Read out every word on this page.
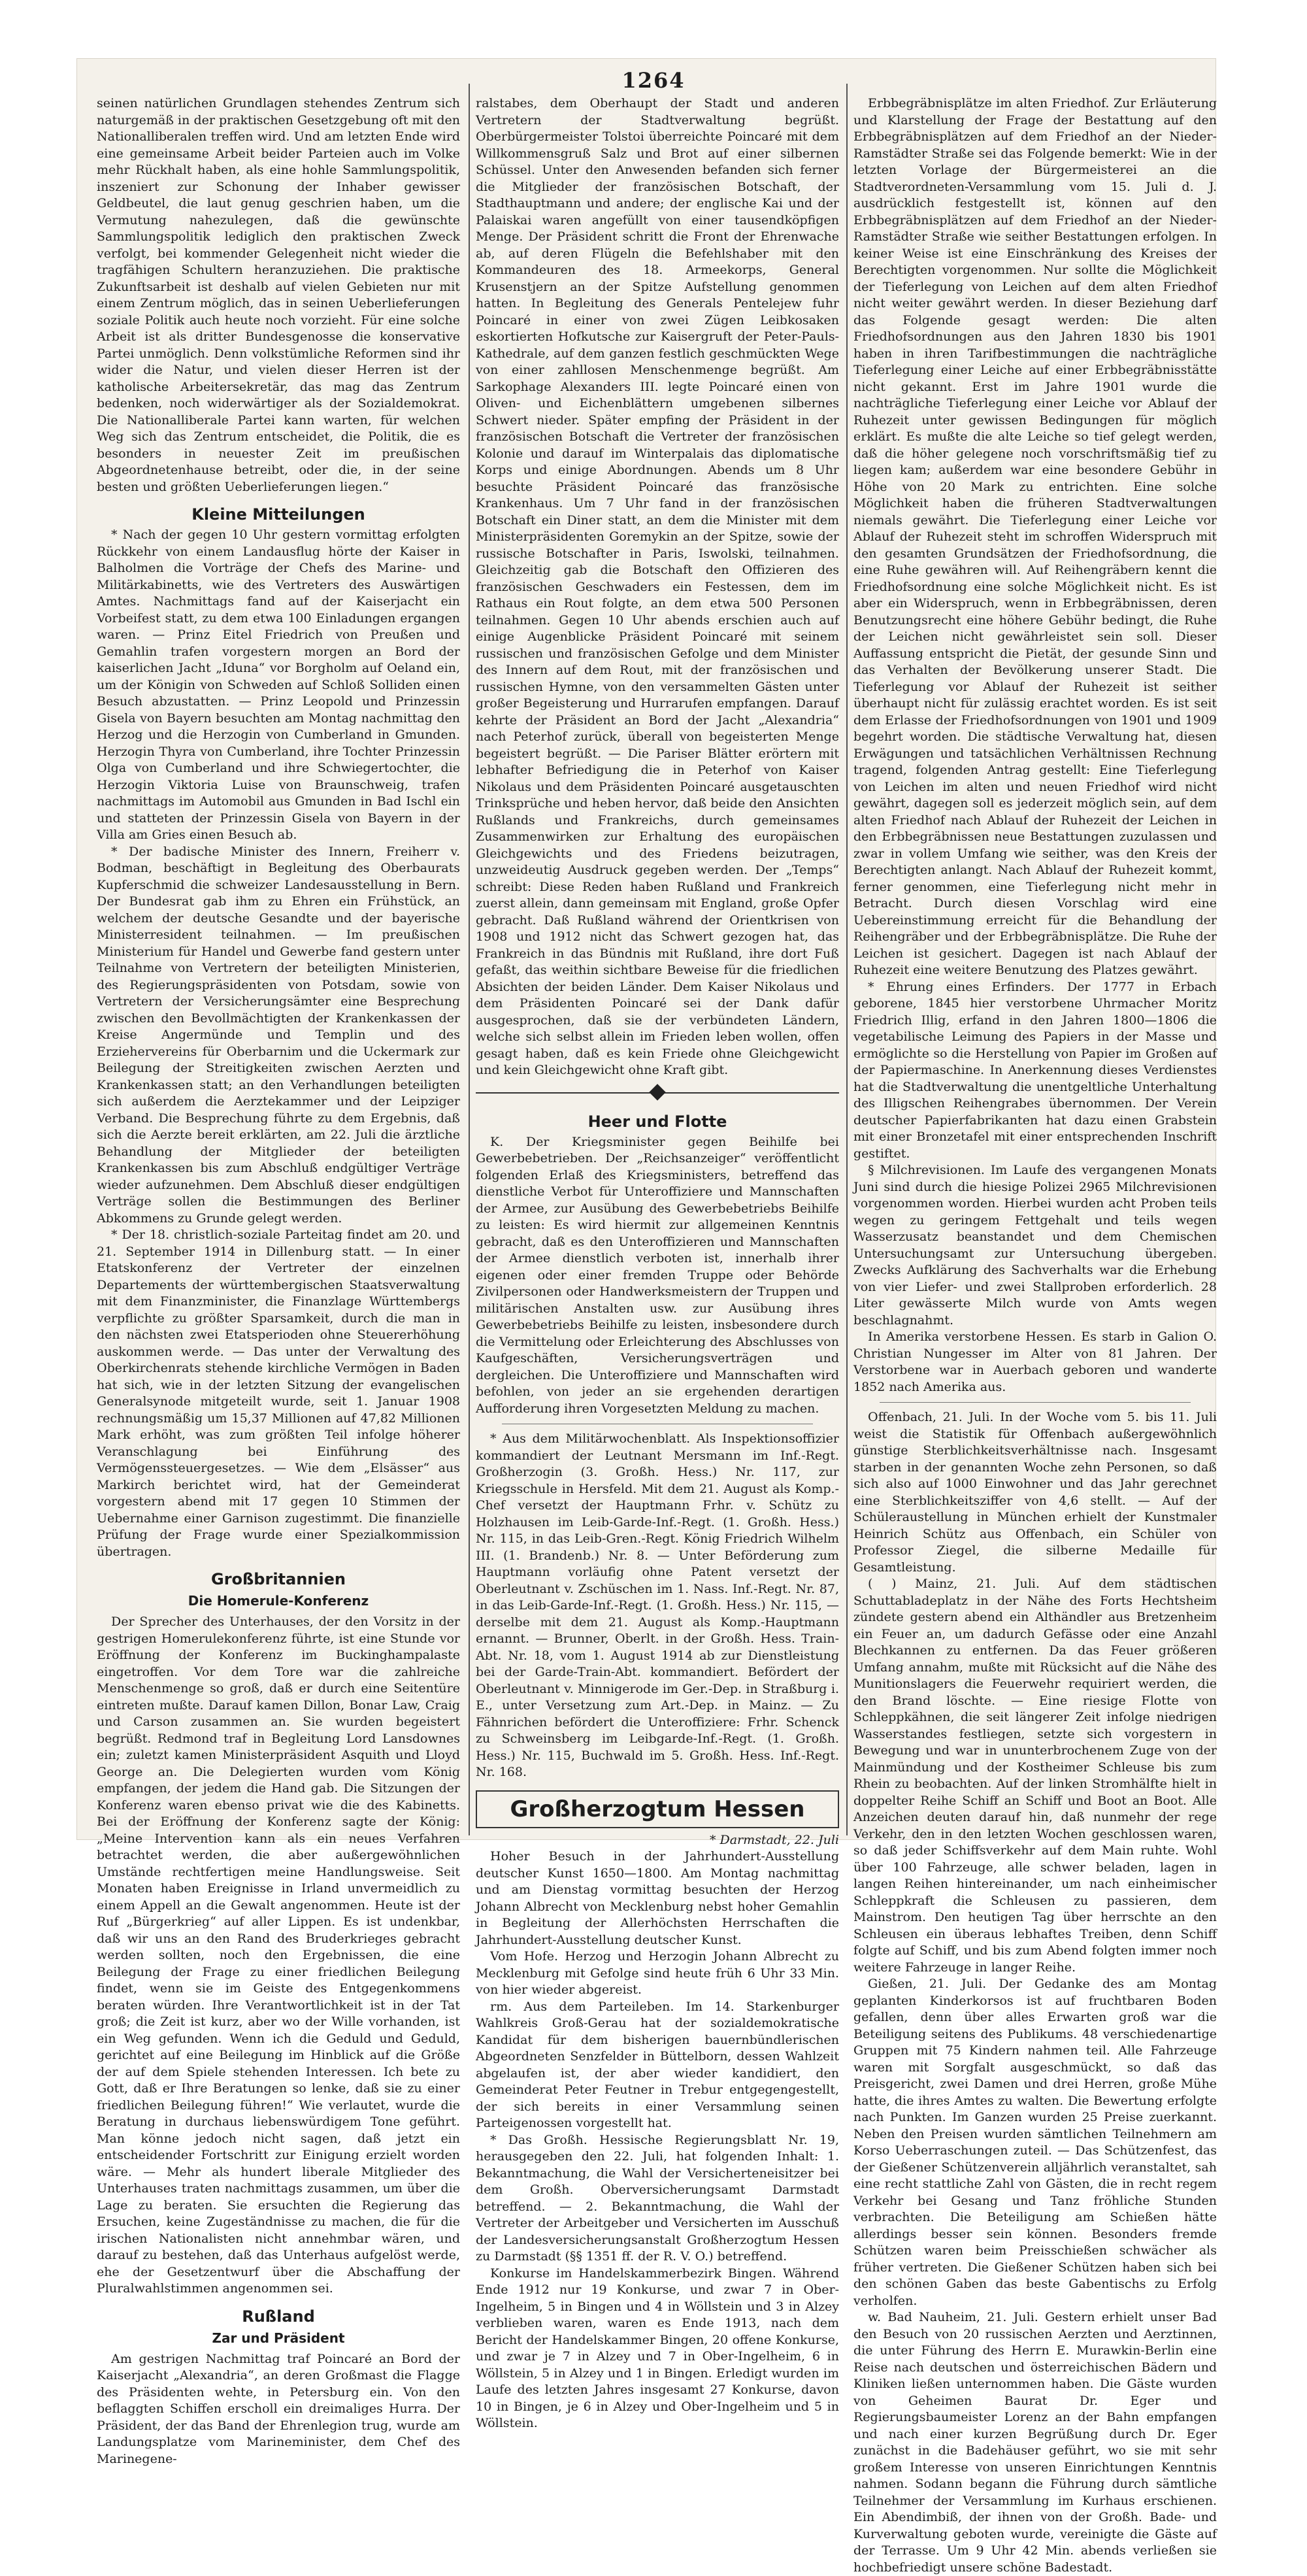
1264

seinen natürlichen Grundlagen stehendes Zentrum sich naturgemäß in der praktischen Gesetzgebung oft mit den Nationalliberalen treffen wird. Und am letzten Ende wird eine gemeinsame Arbeit beider Parteien auch im Volke mehr Rückhalt haben, als eine hohle Sammlungspolitik, inszeniert zur Schonung der Inhaber gewisser Geldbeutel, die laut genug geschrien haben, um die Vermutung nahezulegen, daß die gewünschte Sammlungspolitik lediglich den praktischen Zweck verfolgt, bei kommender Gelegenheit nicht wieder die tragfähigen Schultern heranzuziehen. Die praktische Zukunftsarbeit ist deshalb auf vielen Gebieten nur mit einem Zentrum möglich, das in seinen Ueberlieferungen soziale Politik auch heute noch vorzieht. Für eine solche Arbeit ist als dritter Bundesgenosse die konservative Partei unmöglich. Denn volkstümliche Reformen sind ihr wider die Natur, und vielen dieser Herren ist der katholische Arbeitersekretär, das mag das Zentrum bedenken, noch widerwärtiger als der Sozialdemokrat. Die Nationalliberale Partei kann warten, für welchen Weg sich das Zentrum entscheidet, die Politik, die es besonders in neuester Zeit im preußischen Abgeordnetenhause betreibt, oder die, in der seine besten und größten Ueberlieferungen liegen.“

Kleine Mitteilungen

* Nach der gegen 10 Uhr gestern vormittag erfolgten Rückkehr von einem Landausflug hörte der Kaiser in Balholmen die Vorträge der Chefs des Marine- und Militärkabinetts, wie des Vertreters des Auswärtigen Amtes. Nachmittags fand auf der Kaiserjacht ein Vorbeifest statt, zu dem etwa 100 Einladungen ergangen waren. — Prinz Eitel Friedrich von Preußen und Gemahlin trafen vorgestern morgen an Bord der kaiserlichen Jacht „Iduna“ vor Borgholm auf Oeland ein, um der Königin von Schweden auf Schloß Solliden einen Besuch abzustatten. — Prinz Leopold und Prinzessin Gisela von Bayern besuchten am Montag nachmittag den Herzog und die Herzogin von Cumberland in Gmunden. Herzogin Thyra von Cumberland, ihre Tochter Prinzessin Olga von Cumberland und ihre Schwiegertochter, die Herzogin Viktoria Luise von Braunschweig, trafen nachmittags im Automobil aus Gmunden in Bad Ischl ein und statteten der Prinzessin Gisela von Bayern in der Villa am Gries einen Besuch ab.

* Der badische Minister des Innern, Freiherr v. Bodman, beschäftigt in Begleitung des Oberbaurats Kupferschmid die schweizer Landesausstellung in Bern. Der Bundesrat gab ihm zu Ehren ein Frühstück, an welchem der deutsche Gesandte und der bayerische Ministerresident teilnahmen. — Im preußischen Ministerium für Handel und Gewerbe fand gestern unter Teilnahme von Vertretern der beteiligten Ministerien, des Regierungspräsidenten von Potsdam, sowie von Vertretern der Versicherungsämter eine Besprechung zwischen den Bevollmächtigten der Krankenkassen der Kreise Angermünde und Templin und des Erziehervereins für Oberbarnim und die Uckermark zur Beilegung der Streitigkeiten zwischen Aerzten und Krankenkassen statt; an den Verhandlungen beteiligten sich außerdem die Aerztekammer und der Leipziger Verband. Die Besprechung führte zu dem Ergebnis, daß sich die Aerzte bereit erklärten, am 22. Juli die ärztliche Behandlung der Mitglieder der beteiligten Krankenkassen bis zum Abschluß endgültiger Verträge wieder aufzunehmen. Dem Abschluß dieser endgültigen Verträge sollen die Bestimmungen des Berliner Abkommens zu Grunde gelegt werden.

* Der 18. christlich-soziale Parteitag findet am 20. und 21. September 1914 in Dillenburg statt. — In einer Etatskonferenz der Vertreter der einzelnen Departements der württembergischen Staatsverwaltung mit dem Finanzminister, die Finanzlage Württembergs verpflichte zu größter Sparsamkeit, durch die man in den nächsten zwei Etatsperioden ohne Steuererhöhung auskommen werde. — Das unter der Verwaltung des Oberkirchenrats stehende kirchliche Vermögen in Baden hat sich, wie in der letzten Sitzung der evangelischen Generalsynode mitgeteilt wurde, seit 1. Januar 1908 rechnungsmäßig um 15,37 Millionen auf 47,82 Millionen Mark erhöht, was zum größten Teil infolge höherer Veranschlagung bei Einführung des Vermögenssteuergesetzes. — Wie dem „Elsässer“ aus Markirch berichtet wird, hat der Gemeinderat vorgestern abend mit 17 gegen 10 Stimmen der Uebernahme einer Garnison zugestimmt. Die finanzielle Prüfung der Frage wurde einer Spezialkommission übertragen.

Großbritannien
Die Homerule-Konferenz

Der Sprecher des Unterhauses, der den Vorsitz in der gestrigen Homerulekonferenz führte, ist eine Stunde vor Eröffnung der Konferenz im Buckinghampalaste eingetroffen. Vor dem Tore war die zahlreiche Menschenmenge so groß, daß er durch eine Seitentüre eintreten mußte. Darauf kamen Dillon, Bonar Law, Craig und Carson zusammen an. Sie wurden begeistert begrüßt. Redmond traf in Begleitung Lord Lansdownes ein; zuletzt kamen Ministerpräsident Asquith und Lloyd George an. Die Delegierten wurden vom König empfangen, der jedem die Hand gab. Die Sitzungen der Konferenz waren ebenso privat wie die des Kabinetts. Bei der Eröffnung der Konferenz sagte der König: „Meine Intervention kann als ein neues Verfahren betrachtet werden, die aber außergewöhnlichen Umstände rechtfertigen meine Handlungsweise. Seit Monaten haben Ereignisse in Irland unvermeidlich zu einem Appell an die Gewalt angenommen. Heute ist der Ruf „Bürgerkrieg“ auf aller Lippen. Es ist undenkbar, daß wir uns an den Rand des Bruderkrieges gebracht werden sollten, noch den Ergebnissen, die eine Beilegung der Frage zu einer friedlichen Beilegung findet, wenn sie im Geiste des Entgegenkommens beraten würden. Ihre Verantwortlichkeit ist in der Tat groß; die Zeit ist kurz, aber wo der Wille vorhanden, ist ein Weg gefunden. Wenn ich die Geduld und Geduld, gerichtet auf eine Beilegung im Hinblick auf die Größe der auf dem Spiele stehenden Interessen. Ich bete zu Gott, daß er Ihre Beratungen so lenke, daß sie zu einer friedlichen Beilegung führen!“ Wie verlautet, wurde die Beratung in durchaus liebenswürdigem Tone geführt. Man könne jedoch nicht sagen, daß jetzt ein entscheidender Fortschritt zur Einigung erzielt worden wäre. — Mehr als hundert liberale Mitglieder des Unterhauses traten nachmittags zusammen, um über die Lage zu beraten. Sie ersuchten die Regierung das Ersuchen, keine Zugeständnisse zu machen, die für die irischen Nationalisten nicht annehmbar wären, und darauf zu bestehen, daß das Unterhaus aufgelöst werde, ehe der Gesetzentwurf über die Abschaffung der Pluralwahlstimmen angenommen sei.

Rußland
Zar und Präsident

Am gestrigen Nachmittag traf Poincaré an Bord der Kaiserjacht „Alexandria“, an deren Großmast die Flagge des Präsidenten wehte, in Petersburg ein. Von den beflaggten Schiffen erscholl ein dreimaliges Hurra. Der Präsident, der das Band der Ehrenlegion trug, wurde am Landungsplatze vom Marineminister, dem Chef des Marinegene-

ralstabes, dem Oberhaupt der Stadt und anderen Vertretern der Stadtverwaltung begrüßt. Oberbürgermeister Tolstoi überreichte Poincaré mit dem Willkommensgruß Salz und Brot auf einer silbernen Schüssel. Unter den Anwesenden befanden sich ferner die Mitglieder der französischen Botschaft, der Stadthauptmann und andere; der englische Kai und der Palaiskai waren angefüllt von einer tausendköpfigen Menge. Der Präsident schritt die Front der Ehrenwache ab, auf deren Flügeln die Befehlshaber mit den Kommandeuren des 18. Armeekorps, General Krusenstjern an der Spitze Aufstellung genommen hatten. In Begleitung des Generals Pentelejew fuhr Poincaré in einer von zwei Zügen Leibkosaken eskortierten Hofkutsche zur Kaisergruft der Peter-Pauls-Kathedrale, auf dem ganzen festlich geschmückten Wege von einer zahllosen Menschenmenge begrüßt. Am Sarkophage Alexanders III. legte Poincaré einen von Oliven- und Eichenblättern umgebenen silbernes Schwert nieder. Später empfing der Präsident in der französischen Botschaft die Vertreter der französischen Kolonie und darauf im Winterpalais das diplomatische Korps und einige Abordnungen. Abends um 8 Uhr besuchte Präsident Poincaré das französische Krankenhaus. Um 7 Uhr fand in der französischen Botschaft ein Diner statt, an dem die Minister mit dem Ministerpräsidenten Goremykin an der Spitze, sowie der russische Botschafter in Paris, Iswolski, teilnahmen. Gleichzeitig gab die Botschaft den Offizieren des französischen Geschwaders ein Festessen, dem im Rathaus ein Rout folgte, an dem etwa 500 Personen teilnahmen. Gegen 10 Uhr abends erschien auch auf einige Augenblicke Präsident Poincaré mit seinem russischen und französischen Gefolge und dem Minister des Innern auf dem Rout, mit der französischen und russischen Hymne, von den versammelten Gästen unter großer Begeisterung und Hurrarufen empfangen. Darauf kehrte der Präsident an Bord der Jacht „Alexandria“ nach Peterhof zurück, überall von begeisterten Menge begeistert begrüßt. — Die Pariser Blätter erörtern mit lebhafter Befriedigung die in Peterhof von Kaiser Nikolaus und dem Präsidenten Poincaré ausgetauschten Trinksprüche und heben hervor, daß beide den Ansichten Rußlands und Frankreichs, durch gemeinsames Zusammenwirken zur Erhaltung des europäischen Gleichgewichts und des Friedens beizutragen, unzweideutig Ausdruck gegeben werden. Der „Temps“ schreibt: Diese Reden haben Rußland und Frankreich zuerst allein, dann gemeinsam mit England, große Opfer gebracht. Daß Rußland während der Orientkrisen von 1908 und 1912 nicht das Schwert gezogen hat, das Frankreich in das Bündnis mit Rußland, ihre dort Fuß gefaßt, das weithin sichtbare Beweise für die friedlichen Absichten der beiden Länder. Dem Kaiser Nikolaus und dem Präsidenten Poincaré sei der Dank dafür ausgesprochen, daß sie der verbündeten Ländern, welche sich selbst allein im Frieden leben wollen, offen gesagt haben, daß es kein Friede ohne Gleichgewicht und kein Gleichgewicht ohne Kraft gibt.

Heer und Flotte

K. Der Kriegsminister gegen Beihilfe bei Gewerbebetrieben. Der „Reichsanzeiger“ veröffentlicht folgenden Erlaß des Kriegsministers, betreffend das dienstliche Verbot für Unteroffiziere und Mannschaften der Armee, zur Ausübung des Gewerbebetriebs Beihilfe zu leisten: Es wird hiermit zur allgemeinen Kenntnis gebracht, daß es den Unteroffizieren und Mannschaften der Armee dienstlich verboten ist, innerhalb ihrer eigenen oder einer fremden Truppe oder Behörde Zivilpersonen oder Handwerksmeistern der Truppen und militärischen Anstalten usw. zur Ausübung ihres Gewerbebetriebs Beihilfe zu leisten, insbesondere durch die Vermittelung oder Erleichterung des Abschlusses von Kaufgeschäften, Versicherungsverträgen und dergleichen. Die Unteroffiziere und Mannschaften wird befohlen, von jeder an sie ergehenden derartigen Aufforderung ihren Vorgesetzten Meldung zu machen.

* Aus dem Militärwochenblatt. Als Inspektionsoffizier kommandiert der Leutnant Mersmann im Inf.-Regt. Großherzogin (3. Großh. Hess.) Nr. 117, zur Kriegsschule in Hersfeld. Mit dem 21. August als Komp.-Chef versetzt der Hauptmann Frhr. v. Schütz zu Holzhausen im Leib-Garde-Inf.-Regt. (1. Großh. Hess.) Nr. 115, in das Leib-Gren.-Regt. König Friedrich Wilhelm III. (1. Brandenb.) Nr. 8. — Unter Beförderung zum Hauptmann vorläufig ohne Patent versetzt der Oberleutnant v. Zschüschen im 1. Nass. Inf.-Regt. Nr. 87, in das Leib-Garde-Inf.-Regt. (1. Großh. Hess.) Nr. 115, — derselbe mit dem 21. August als Komp.-Hauptmann ernannt. — Brunner, Oberlt. in der Großh. Hess. Train-Abt. Nr. 18, vom 1. August 1914 ab zur Dienstleistung bei der Garde-Train-Abt. kommandiert. Befördert der Oberleutnant v. Minnigerode im Ger.-Dep. in Straßburg i. E., unter Versetzung zum Art.-Dep. in Mainz. — Zu Fähnrichen befördert die Unteroffiziere: Frhr. Schenck zu Schweinsberg im Leibgarde-Inf.-Regt. (1. Großh. Hess.) Nr. 115, Buchwald im 5. Großh. Hess. Inf.-Regt. Nr. 168.

Großherzogtum Hessen

* Darmstadt, 22. Juli

Hoher Besuch in der Jahrhundert-Ausstellung deutscher Kunst 1650—1800. Am Montag nachmittag und am Dienstag vormittag besuchten der Herzog Johann Albrecht von Mecklenburg nebst hoher Gemahlin in Begleitung der Allerhöchsten Herrschaften die Jahrhundert-Ausstellung deutscher Kunst.

Vom Hofe. Herzog und Herzogin Johann Albrecht zu Mecklenburg mit Gefolge sind heute früh 6 Uhr 33 Min. von hier wieder abgereist.

rm. Aus dem Parteileben. Im 14. Starkenburger Wahlkreis Groß-Gerau hat der sozialdemokratische Kandidat für dem bisherigen bauernbündlerischen Abgeordneten Senzfelder in Büttelborn, dessen Wahlzeit abgelaufen ist, der aber wieder kandidiert, den Gemeinderat Peter Feutner in Trebur entgegengestellt, der sich bereits in einer Versammlung seinen Parteigenossen vorgestellt hat.

* Das Großh. Hessische Regierungsblatt Nr. 19, herausgegeben den 22. Juli, hat folgenden Inhalt: 1. Bekanntmachung, die Wahl der Versicherteneisitzer bei dem Großh. Oberversicherungsamt Darmstadt betreffend. — 2. Bekanntmachung, die Wahl der Vertreter der Arbeitgeber und Versicherten im Ausschuß der Landesversicherungsanstalt Großherzogtum Hessen zu Darmstadt (§§ 1351 ff. der R. V. O.) betreffend.

Konkurse im Handelskammerbezirk Bingen. Während Ende 1912 nur 19 Konkurse, und zwar 7 in Ober-Ingelheim, 5 in Bingen und 4 in Wöllstein und 3 in Alzey verblieben waren, waren es Ende 1913, nach dem Bericht der Handelskammer Bingen, 20 offene Konkurse, und zwar je 7 in Alzey und 7 in Ober-Ingelheim, 6 in Wöllstein, 5 in Alzey und 1 in Bingen. Erledigt wurden im Laufe des letzten Jahres insgesamt 27 Konkurse, davon 10 in Bingen, je 6 in Alzey und Ober-Ingelheim und 5 in Wöllstein.

Erbbegräbnisplätze im alten Friedhof. Zur Erläuterung und Klarstellung der Frage der Bestattung auf den Erbbegräbnisplätzen auf dem Friedhof an der Nieder-Ramstädter Straße sei das Folgende bemerkt: Wie in der letzten Vorlage der Bürgermeisterei an die Stadtverordneten-Versammlung vom 15. Juli d. J. ausdrücklich festgestellt ist, können auf den Erbbegräbnisplätzen auf dem Friedhof an der Nieder-Ramstädter Straße wie seither Bestattungen erfolgen. In keiner Weise ist eine Einschränkung des Kreises der Berechtigten vorgenommen. Nur sollte die Möglichkeit der Tieferlegung von Leichen auf dem alten Friedhof nicht weiter gewährt werden. In dieser Beziehung darf das Folgende gesagt werden: Die alten Friedhofsordnungen aus den Jahren 1830 bis 1901 haben in ihren Tarifbestimmungen die nachträgliche Tieferlegung einer Leiche auf einer Erbbegräbnisstätte nicht gekannt. Erst im Jahre 1901 wurde die nachträgliche Tieferlegung einer Leiche vor Ablauf der Ruhezeit unter gewissen Bedingungen für möglich erklärt. Es mußte die alte Leiche so tief gelegt werden, daß die höher gelegene noch vorschriftsmäßig tief zu liegen kam; außerdem war eine besondere Gebühr in Höhe von 20 Mark zu entrichten. Eine solche Möglichkeit haben die früheren Stadtverwaltungen niemals gewährt. Die Tieferlegung einer Leiche vor Ablauf der Ruhezeit steht im schroffen Widerspruch mit den gesamten Grundsätzen der Friedhofsordnung, die eine Ruhe gewähren will. Auf Reihengräbern kennt die Friedhofsordnung eine solche Möglichkeit nicht. Es ist aber ein Widerspruch, wenn in Erbbegräbnissen, deren Benutzungsrecht eine höhere Gebühr bedingt, die Ruhe der Leichen nicht gewährleistet sein soll. Dieser Auffassung entspricht die Pietät, der gesunde Sinn und das Verhalten der Bevölkerung unserer Stadt. Die Tieferlegung vor Ablauf der Ruhezeit ist seither überhaupt nicht für zulässig erachtet worden. Es ist seit dem Erlasse der Friedhofsordnungen von 1901 und 1909 begehrt worden. Die städtische Verwaltung hat, diesen Erwägungen und tatsächlichen Verhältnissen Rechnung tragend, folgenden Antrag gestellt: Eine Tieferlegung von Leichen im alten und neuen Friedhof wird nicht gewährt, dagegen soll es jederzeit möglich sein, auf dem alten Friedhof nach Ablauf der Ruhezeit der Leichen in den Erbbegräbnissen neue Bestattungen zuzulassen und zwar in vollem Umfang wie seither, was den Kreis der Berechtigten anlangt. Nach Ablauf der Ruhezeit kommt, ferner genommen, eine Tieferlegung nicht mehr in Betracht. Durch diesen Vorschlag wird eine Uebereinstimmung erreicht für die Behandlung der Reihengräber und der Erbbegräbnisplätze. Die Ruhe der Leichen ist gesichert. Dagegen ist nach Ablauf der Ruhezeit eine weitere Benutzung des Platzes gewährt.

* Ehrung eines Erfinders. Der 1777 in Erbach geborene, 1845 hier verstorbene Uhrmacher Moritz Friedrich Illig, erfand in den Jahren 1800—1806 die vegetabilische Leimung des Papiers in der Masse und ermöglichte so die Herstellung von Papier im Großen auf der Papiermaschine. In Anerkennung dieses Verdienstes hat die Stadtverwaltung die unentgeltliche Unterhaltung des Illigschen Reihengrabes übernommen. Der Verein deutscher Papierfabrikanten hat dazu einen Grabstein mit einer Bronzetafel mit einer entsprechenden Inschrift gestiftet.

§ Milchrevisionen. Im Laufe des vergangenen Monats Juni sind durch die hiesige Polizei 2965 Milchrevisionen vorgenommen worden. Hierbei wurden acht Proben teils wegen zu geringem Fettgehalt und teils wegen Wasserzusatz beanstandet und dem Chemischen Untersuchungsamt zur Untersuchung übergeben. Zwecks Aufklärung des Sachverhalts war die Erhebung von vier Liefer- und zwei Stallproben erforderlich. 28 Liter gewässerte Milch wurde von Amts wegen beschlagnahmt.

In Amerika verstorbene Hessen. Es starb in Galion O. Christian Nungesser im Alter von 81 Jahren. Der Verstorbene war in Auerbach geboren und wanderte 1852 nach Amerika aus.

Offenbach, 21. Juli. In der Woche vom 5. bis 11. Juli weist die Statistik für Offenbach außergewöhnlich günstige Sterblichkeitsverhältnisse nach. Insgesamt starben in der genannten Woche zehn Personen, so daß sich also auf 1000 Einwohner und das Jahr gerechnet eine Sterblichkeitsziffer von 4,6 stellt. — Auf der Schüleraustellung in München erhielt der Kunstmaler Heinrich Schütz aus Offenbach, ein Schüler von Professor Ziegel, die silberne Medaille für Gesamtleistung.

( ) Mainz, 21. Juli. Auf dem städtischen Schuttabladeplatz in der Nähe des Forts Hechtsheim zündete gestern abend ein Althändler aus Bretzenheim ein Feuer an, um dadurch Gefässe oder eine Anzahl Blechkannen zu entfernen. Da das Feuer größeren Umfang annahm, mußte mit Rücksicht auf die Nähe des Munitionslagers die Feuerwehr requiriert werden, die den Brand löschte. — Eine riesige Flotte von Schleppkähnen, die seit längerer Zeit infolge niedrigen Wasserstandes festliegen, setzte sich vorgestern in Bewegung und war in ununterbrochenem Zuge von der Mainmündung und der Kostheimer Schleuse bis zum Rhein zu beobachten. Auf der linken Stromhälfte hielt in doppelter Reihe Schiff an Schiff und Boot an Boot. Alle Anzeichen deuten darauf hin, daß nunmehr der rege Verkehr, den in den letzten Wochen geschlossen waren, so daß jeder Schiffsverkehr auf dem Main ruhte. Wohl über 100 Fahrzeuge, alle schwer beladen, lagen in langen Reihen hintereinander, um nach einheimischer Schleppkraft die Schleusen zu passieren, dem Mainstrom. Den heutigen Tag über herrschte an den Schleusen ein überaus lebhaftes Treiben, denn Schiff folgte auf Schiff, und bis zum Abend folgten immer noch weitere Fahrzeuge in langer Reihe.

Gießen, 21. Juli. Der Gedanke des am Montag geplanten Kinderkorsos ist auf fruchtbaren Boden gefallen, denn über alles Erwarten groß war die Beteiligung seitens des Publikums. 48 verschiedenartige Gruppen mit 75 Kindern nahmen teil. Alle Fahrzeuge waren mit Sorgfalt ausgeschmückt, so daß das Preisgericht, zwei Damen und drei Herren, große Mühe hatte, die ihres Amtes zu walten. Die Bewertung erfolgte nach Punkten. Im Ganzen wurden 25 Preise zuerkannt. Neben den Preisen wurden sämtlichen Teilnehmern am Korso Ueberraschungen zuteil. — Das Schützenfest, das der Gießener Schützenverein alljährlich veranstaltet, sah eine recht stattliche Zahl von Gästen, die in recht regem Verkehr bei Gesang und Tanz fröhliche Stunden verbrachten. Die Beteiligung am Schießen hätte allerdings besser sein können. Besonders fremde Schützen waren beim Preisschießen schwächer als früher vertreten. Die Gießener Schützen haben sich bei den schönen Gaben das beste Gabentischs zu Erfolg verholfen.

w. Bad Nauheim, 21. Juli. Gestern erhielt unser Bad den Besuch von 20 russischen Aerzten und Aerztinnen, die unter Führung des Herrn E. Murawkin-Berlin eine Reise nach deutschen und österreichischen Bädern und Kliniken ließen unternommen haben. Die Gäste wurden von Geheimen Baurat Dr. Eger und Regierungsbaumeister Lorenz an der Bahn empfangen und nach einer kurzen Begrüßung durch Dr. Eger zunächst in die Badehäuser geführt, wo sie mit sehr großem Interesse von unseren Einrichtungen Kenntnis nahmen. Sodann begann die Führung durch sämtliche Teilnehmer der Versammlung im Kurhaus erschienen. Ein Abendimbiß, der ihnen von der Großh. Bade- und Kurverwaltung geboten wurde, vereinigte die Gäste auf der Terrasse. Um 9 Uhr 42 Min. abends verließen sie hochbefriedigt unsere schöne Badestadt.
